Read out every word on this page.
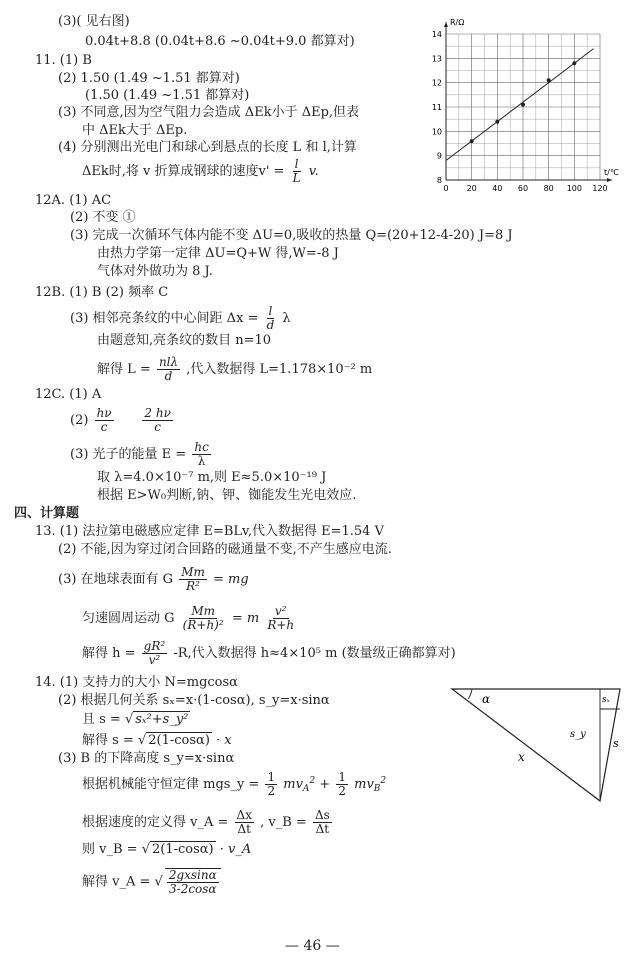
(3)( 见右图)
0.04t+8.8 (0.04t+8.6 ~0.04t+9.0 都算对)
11. (1) B
(2) 1.50 (1.49 ~1.51 都算对)
(1.50 (1.49 ~1.51 都算对)
(3) 不同意,因为空气阻力会造成 ΔEk小于 ΔEp,但表
中 ΔEk大于 ΔEp.
(4) 分别测出光电门和球心到悬点的长度 L 和 l,计算
ΔEk时,将 v 折算成钢球的速度$v' = \frac{l}{L} v$.
12A. (1) AC
(2) 不变 ①
(3) 完成一次循环气体内能不变 ΔU=0,吸收的热量 Q=(20+12-4-20) J=8 J
由热力学第一定律 ΔU=Q+W 得,W=-8 J
气体对外做功为 8 J.
12B. (1) B (2) 频率 C
(3) 相邻亮条纹的中心间距 $\Delta x = \frac{l}{d}$ λ
由题意知,亮条纹的数目 n=10
解得 $L = \frac{\text{nlλ}}{d}$ ,代入数据得 L=1.178×10⁻² m
12C. (1) A
$(2) \frac{h\nu}{c}$
$\frac{2 h\nu}{c}$
(3) 光子的能量 $E = \frac{hc}{\lambda}$
取 λ=4.0×10⁻⁷ m,则 E≈5.0×10⁻¹⁹ J
根据 E>W₀判断,钠、钾、铷能发生光电效应.
四、计算题
13. (1) 法拉第电磁感应定律 E=BLv,代入数据得 E=1.54 V
(2) 不能,因为穿过闭合回路的磁通量不变,不产生感应电流.
(3) 在地球表面有 G $\frac{Mm}{\text{R²}}$ = mg
匀速圆周运动 G $\frac{Mm}{\text{(R+h)²}} = m \frac{\text{v²}}{R+h}$
解得 $h = \frac{\text{gR²}}{\text{v²}} -R$,代入数据得 h≈4×10⁵ m (数量级正确都算对)
14. (1) 支持力的大小 N=mgcosα
(2) 根据几何关系 sₓ=x·(1-cosα), s_y=x·sinα
且 s = √ sₓ²+s_y²
解得 s = √ 2(1-cosα) · x
(3) B 的下降高度 s_y=x·sinα
根据机械能守恒定律 mgs_y = $\frac{1}{2} mv_A^2 + \frac{1}{2} mv_B^2$
根据速度的定义得 v_A = $\frac{\Delta x}{\Delta t}$ , v_B = $\frac{\Delta s}{\Delta t}$
则 v_B = √ 2(1-cosα) · v_A
解得 v_A = √ $\frac{2gxsin\alpha}{3-2\cos\alpha}$
— 46 —
0 20 40 60 80 100 120
8
9
10
11
12
13
14
t/℃
R/Ω
α	sₓ
s_y
s
x
